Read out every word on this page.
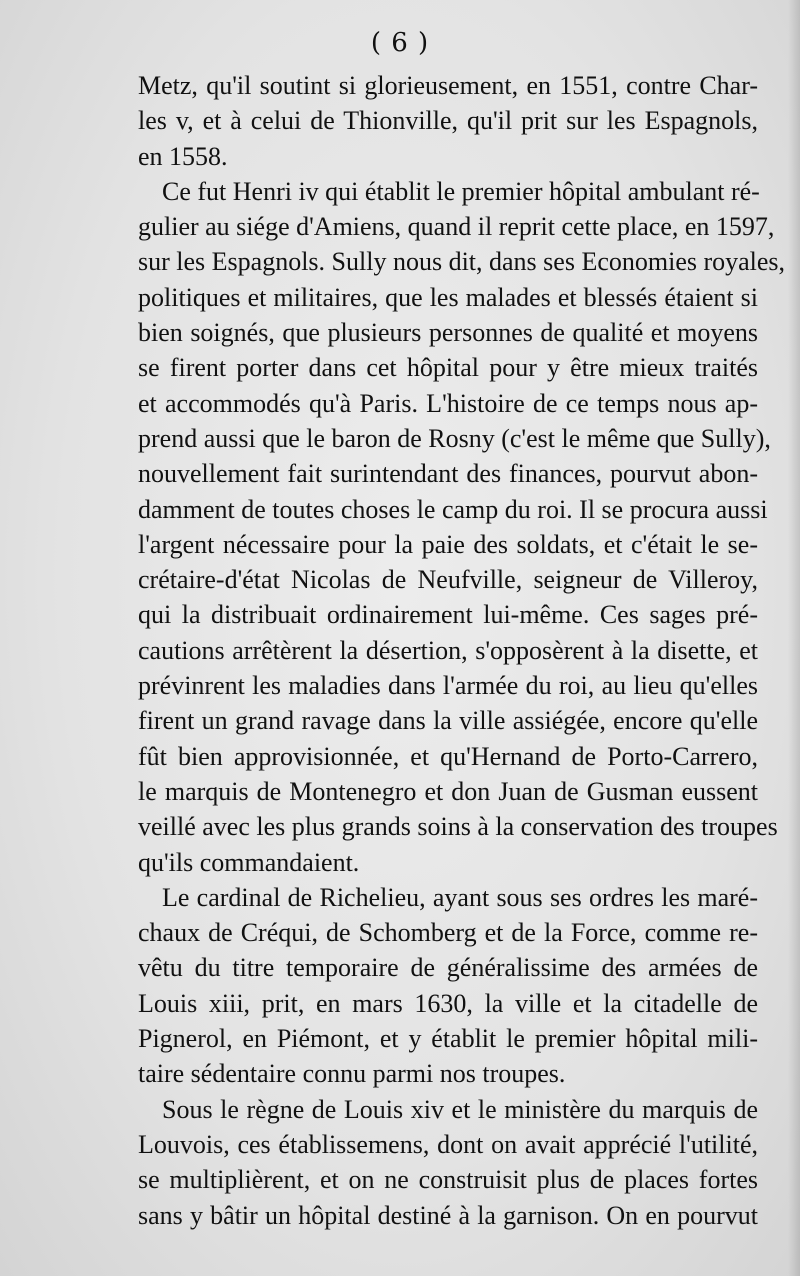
( 6 )
Metz, qu'il soutint si glorieusement, en 1551, contre Char-
les v, et à celui de Thionville, qu'il prit sur les Espagnols,
en 1558.
Ce fut Henri iv qui établit le premier hôpital ambulant ré-
gulier au siége d'Amiens, quand il reprit cette place, en 1597,
sur les Espagnols. Sully nous dit, dans ses Economies royales,
politiques et militaires, que les malades et blessés étaient si
bien soignés, que plusieurs personnes de qualité et moyens
se firent porter dans cet hôpital pour y être mieux traités
et accommodés qu'à Paris. L'histoire de ce temps nous ap-
prend aussi que le baron de Rosny (c'est le même que Sully),
nouvellement fait surintendant des finances, pourvut abon-
damment de toutes choses le camp du roi. Il se procura aussi
l'argent nécessaire pour la paie des soldats, et c'était le se-
crétaire-d'état Nicolas de Neufville, seigneur de Villeroy,
qui la distribuait ordinairement lui-même. Ces sages pré-
cautions arrêtèrent la désertion, s'opposèrent à la disette, et
prévinrent les maladies dans l'armée du roi, au lieu qu'elles
firent un grand ravage dans la ville assiégée, encore qu'elle
fût bien approvisionnée, et qu'Hernand de Porto-Carrero,
le marquis de Montenegro et don Juan de Gusman eussent
veillé avec les plus grands soins à la conservation des troupes
qu'ils commandaient.
Le cardinal de Richelieu, ayant sous ses ordres les maré-
chaux de Créqui, de Schomberg et de la Force, comme re-
vêtu du titre temporaire de généralissime des armées de
Louis xiii, prit, en mars 1630, la ville et la citadelle de
Pignerol, en Piémont, et y établit le premier hôpital mili-
taire sédentaire connu parmi nos troupes.
Sous le règne de Louis xiv et le ministère du marquis de
Louvois, ces établissemens, dont on avait apprécié l'utilité,
se multiplièrent, et on ne construisit plus de places fortes
sans y bâtir un hôpital destiné à la garnison. On en pourvut
